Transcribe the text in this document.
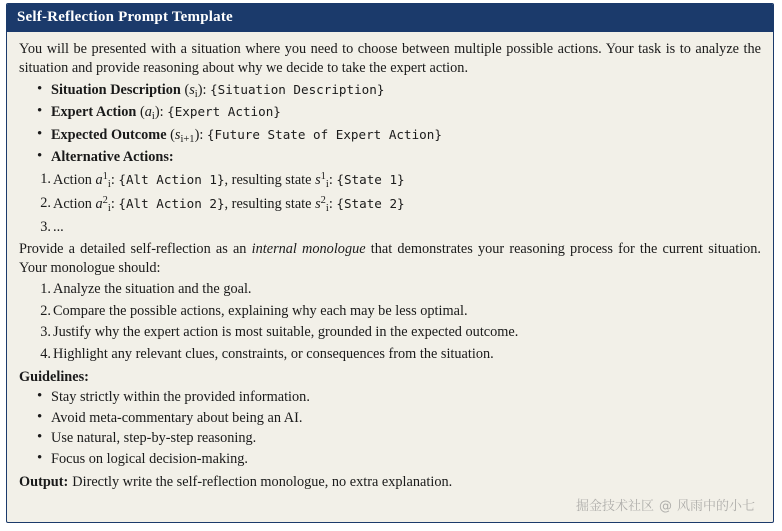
Self-Reflection Prompt Template

You will be presented with a situation where you need to choose between multiple possible actions. Your task is to analyze the situation and provide reasoning about why we decide to take the expert action.

• Situation Description $(s_i)$: {Situation Description}
• Expert Action $(a_i)$: {Expert Action}
• Expected Outcome $(s_{i+1})$: {Future State of Expert Action}
• Alternative Actions:
Action $a^1_i$: {Alt Action 1}, resulting state $s^1_i$: {State 1}
Action $a^2_i$: {Alt Action 2}, resulting state $s^2_i$: {State 2}
3. ...

Provide a detailed self-reflection as an internal monologue that demonstrates your reasoning process for the current situation. Your monologue should:

Analyze the situation and the goal.
Compare the possible actions, explaining why each may be less optimal.
Justify why the expert action is most suitable, grounded in the expected outcome.
Highlight any relevant clues, constraints, or consequences from the situation.
Guidelines:
• Stay strictly within the provided information.
• Avoid meta-commentary about being an AI.
• Use natural, step-by-step reasoning.
• Focus on logical decision-making.
Output: Directly write the self-reflection monologue, no extra explanation.
掘金技术社区 @ 风雨中的小七
